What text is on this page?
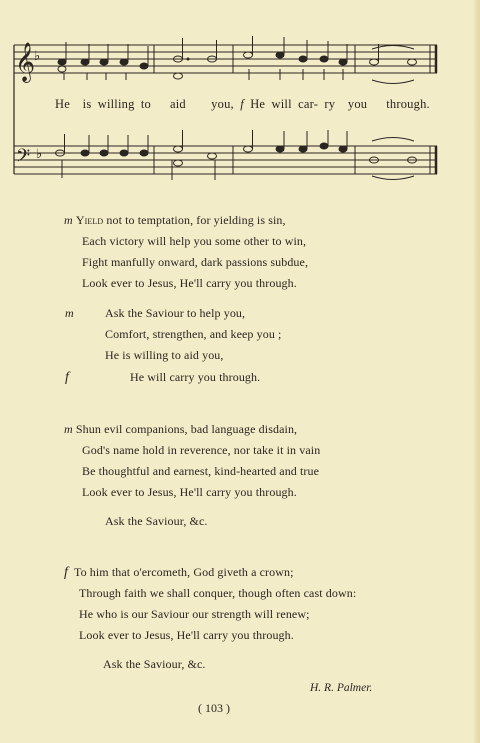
𝄞
♭
𝄢 ♭
He is willing to aid you, f He will car- ry you through.
m Yield not to temptation, for yielding is sin,
Each victory will help you some other to win,
Fight manfully onward, dark passions subdue,
Look ever to Jesus, He'll carry you through.
m	Ask the Saviour to help you,
Comfort, strengthen, and keep you ;
He is willing to aid you,
f	He will carry you through.
m Shun evil companions, bad language disdain,
God's name hold in reverence, nor take it in vain
Be thoughtful and earnest, kind-hearted and true
Look ever to Jesus, He'll carry you through.
Ask the Saviour, &c.
f To him that o'ercometh, God giveth a crown;
Through faith we shall conquer, though often cast down:
He who is our Saviour our strength will renew;
Look ever to Jesus, He'll carry you through.
Ask the Saviour, &c.
H. R. Palmer.
( 103 )
